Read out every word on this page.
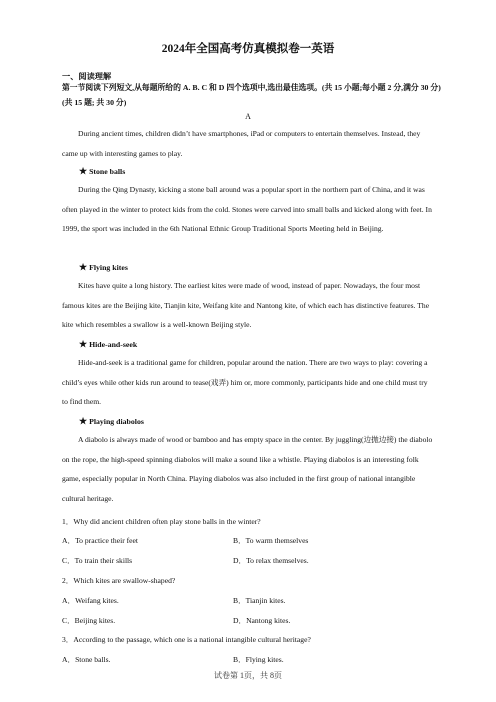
2024年全国高考仿真模拟卷一英语
一、阅读理解
第一节阅读下列短文,从每题所给的 A. B. C 和 D 四个选项中,选出最佳选项。(共 15 小题;每小题 2 分,满分 30 分) (共 15 题; 共 30 分)
A

During ancient times, children didn’t have smartphones, iPad or computers to entertain themselves. Instead, they came up with interesting games to play.

★ Stone balls

During the Qing Dynasty, kicking a stone ball around was a popular sport in the northern part of China, and it was often played in the winter to protect kids from the cold. Stones were carved into small balls and kicked along with feet. In 1999, the sport was included in the 6th National Ethnic Group Traditional Sports Meeting held in Beijing.

★ Flying kites

Kites have quite a long history. The earliest kites were made of wood, instead of paper. Nowadays, the four most famous kites are the Beijing kite, Tianjin kite, Weifang kite and Nantong kite, of which each has distinctive features. The kite which resembles a swallow is a well-known Beijing style.

★ Hide-and-seek

Hide-and-seek is a traditional game for children, popular around the nation. There are two ways to play: covering a child’s eyes while other kids run around to tease(戏弄) him or, more commonly, participants hide and one child must try to find them.

★ Playing diabolos

A diabolo is always made of wood or bamboo and has empty space in the center. By juggling(边抛边接) the diabolo on the rope, the high-speed spinning diabolos will make a sound like a whistle. Playing diabolos is an interesting folk game, especially popular in North China. Playing diabolos was also included in the first group of national intangible cultural heritage.

1．Why did ancient children often play stone balls in the winter?
A．To practice their feet	B．To warm themselves
C．To train their skills	D．To relax themselves.
2．Which kites are swallow-shaped?
A．Weifang kites.	B．Tianjin kites.
C．Beijing kites.	D．Nantong kites.
3．According to the passage, which one is a national intangible cultural heritage?
A．Stone balls.	B．Flying kites.
试卷第 1页，共 8页
